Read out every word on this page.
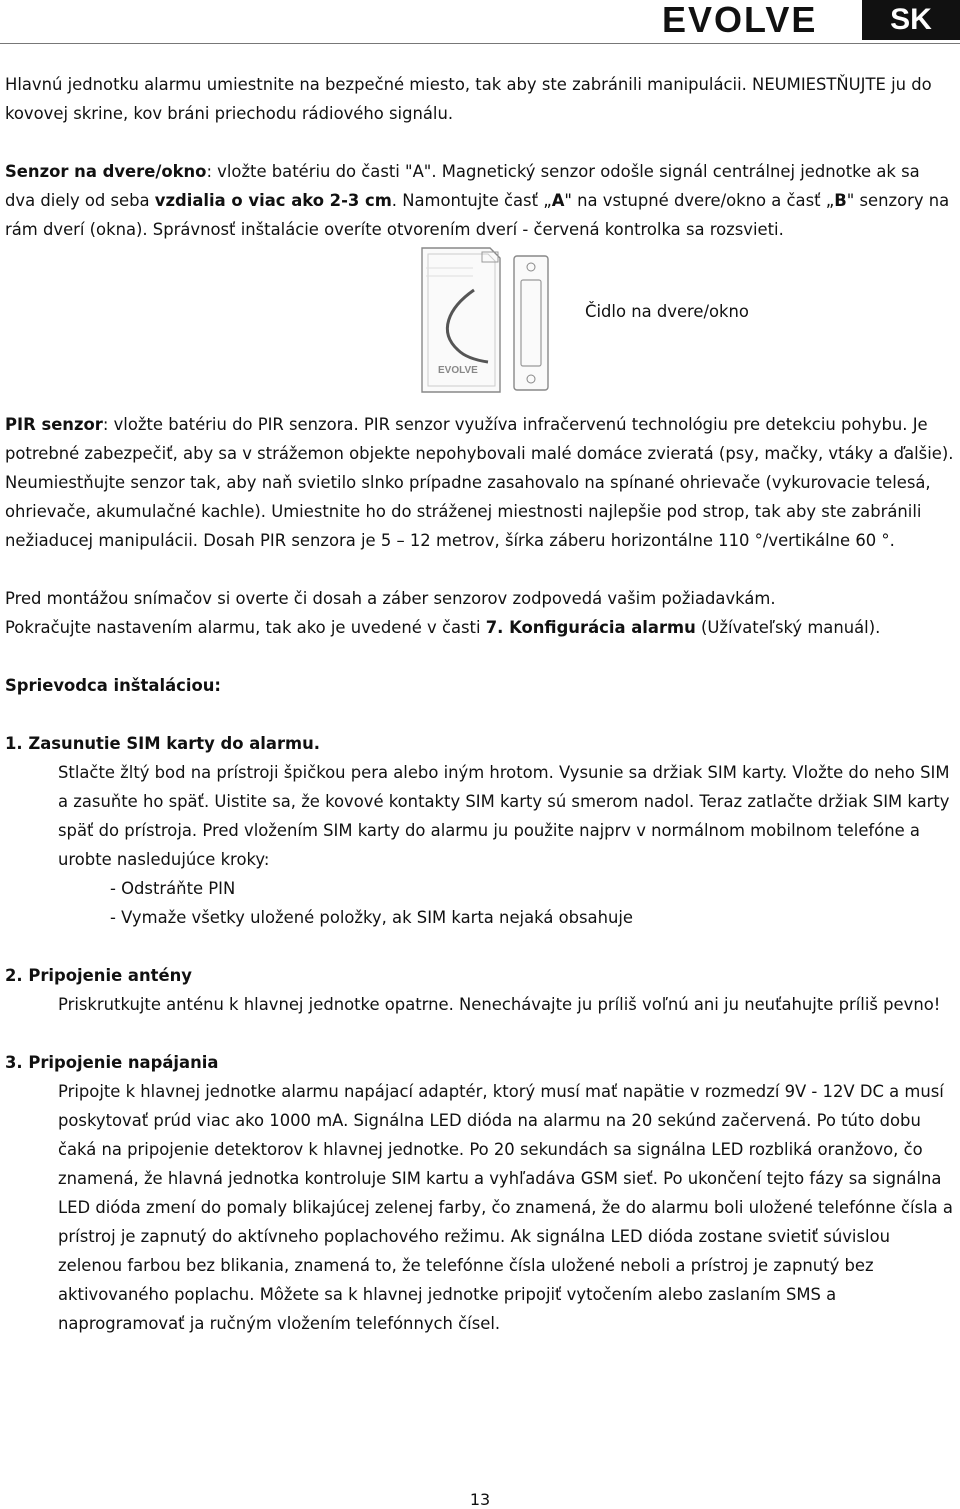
EVOLVE	SK

Hlavnú jednotku alarmu umiestnite na bezpečné miesto, tak aby ste zabránili manipulácii. NEUMIESTŇUJTE ju do kovovej skrine, kov bráni priechodu rádiového signálu.

Senzor na dvere/okno: vložte batériu do časti "A". Magnetický senzor odošle signál centrálnej jednotke ak sa dva diely od seba vzdialia o viac ako 2-3 cm. Namontujte časť „A" na vstupné dvere/okno a časť „B" senzory na rám dverí (okna). Správnosť inštalácie overíte otvorením dverí - červená kontrolka sa rozsvieti.

EVOLVE
Čidlo na dvere/okno

PIR senzor: vložte batériu do PIR senzora. PIR senzor využíva infračervenú technológiu pre detekciu pohybu. Je potrebné zabezpečiť, aby sa v strážemon objekte nepohybovali malé domáce zvieratá (psy, mačky, vtáky a ďalšie). Neumiestňujte senzor tak, aby naň svietilo slnko prípadne zasahovalo na spínané ohrievače (vykurovacie telesá, ohrievače, akumulačné kachle). Umiestnite ho do stráženej miestnosti najlepšie pod strop, tak aby ste zabránili nežiaducej manipulácii. Dosah PIR senzora je 5 – 12 metrov, šírka záberu horizontálne 110 °/vertikálne 60 °.

Pred montážou snímačov si overte či dosah a záber senzorov zodpovedá vašim požiadavkám.

Pokračujte nastavením alarmu, tak ako je uvedené v časti 7. Konfigurácia alarmu (Užívateľský manuál).

Sprievodca inštaláciou:

1. Zasunutie SIM karty do alarmu.

Stlačte žltý bod na prístroji špičkou pera alebo iným hrotom. Vysunie sa držiak SIM karty. Vložte do neho SIM a zasuňte ho späť. Uistite sa, že kovové kontakty SIM karty sú smerom nadol. Teraz zatlačte držiak SIM karty späť do prístroja. Pred vložením SIM karty do alarmu ju použite najprv v normálnom mobilnom telefóne a urobte nasledujúce kroky:

- Odstráňte PIN

- Vymaže všetky uložené položky, ak SIM karta nejaká obsahuje

2. Pripojenie antény

Priskrutkujte anténu k hlavnej jednotke opatrne. Nenechávajte ju príliš voľnú ani ju neuťahujte príliš pevno!

3. Pripojenie napájania

Pripojte k hlavnej jednotke alarmu napájací adaptér, ktorý musí mať napätie v rozmedzí 9V - 12V DC a musí poskytovať prúd viac ako 1000 mA. Signálna LED dióda na alarmu na 20 sekúnd začervená. Po túto dobu čaká na pripojenie detektorov k hlavnej jednotke. Po 20 sekundách sa signálna LED rozbliká oranžovo, čo znamená, že hlavná jednotka kontroluje SIM kartu a vyhľadáva GSM sieť. Po ukončení tejto fázy sa signálna LED dióda zmení do pomaly blikajúcej zelenej farby, čo znamená, že do alarmu boli uložené telefónne čísla a prístroj je zapnutý do aktívneho poplachového režimu. Ak signálna LED dióda zostane svietiť súvislou zelenou farbou bez blikania, znamená to, že telefónne čísla uložené neboli a prístroj je zapnutý bez aktivovaného poplachu. Môžete sa k hlavnej jednotke pripojiť vytočením alebo zaslaním SMS a naprogramovať ja ručným vložením telefónnych čísel.

13
